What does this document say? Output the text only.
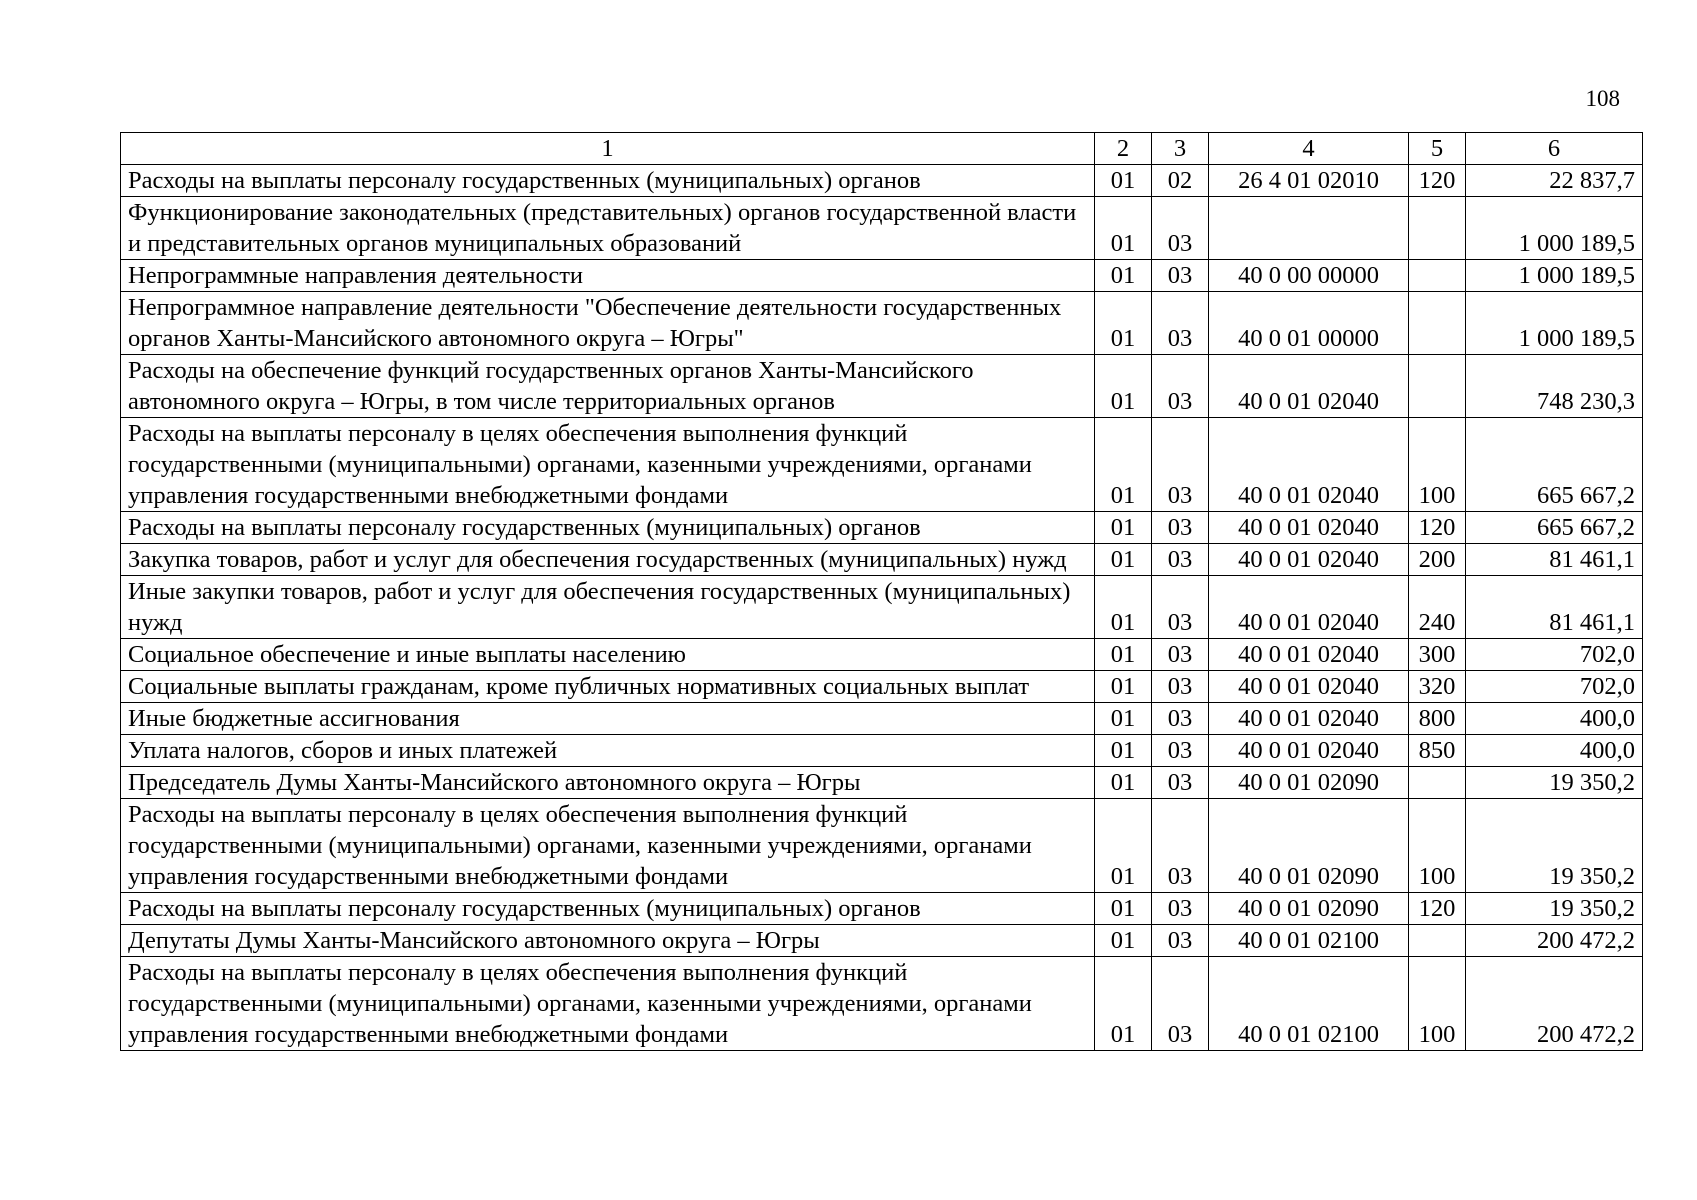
108
1	2	3	4	5	6
Расходы на выплаты персоналу государственных (муниципальных) органов	01	02	26 4 01 02010	120	22 837,7
Функционирование законодательных (представительных) органов государственной власти и представительных органов муниципальных образований	01	03			1 000 189,5
Непрограммные направления деятельности	01	03	40 0 00 00000		1 000 189,5
Непрограммное направление деятельности "Обеспечение деятельности государственных органов Ханты-Мансийского автономного округа – Югры"	01	03	40 0 01 00000		1 000 189,5
Расходы на обеспечение функций государственных органов Ханты-Мансийского автономного округа – Югры, в том числе территориальных органов	01	03	40 0 01 02040		748 230,3
Расходы на выплаты персоналу в целях обеспечения выполнения функций государственными (муниципальными) органами, казенными учреждениями, органами управления государственными внебюджетными фондами	01	03	40 0 01 02040	100	665 667,2
Расходы на выплаты персоналу государственных (муниципальных) органов	01	03	40 0 01 02040	120	665 667,2
Закупка товаров, работ и услуг для обеспечения государственных (муниципальных) нужд	01	03	40 0 01 02040	200	81 461,1
Иные закупки товаров, работ и услуг для обеспечения государственных (муниципальных) нужд	01	03	40 0 01 02040	240	81 461,1
Социальное обеспечение и иные выплаты населению	01	03	40 0 01 02040	300	702,0
Социальные выплаты гражданам, кроме публичных нормативных социальных выплат	01	03	40 0 01 02040	320	702,0
Иные бюджетные ассигнования	01	03	40 0 01 02040	800	400,0
Уплата налогов, сборов и иных платежей	01	03	40 0 01 02040	850	400,0
Председатель Думы Ханты-Мансийского автономного округа – Югры	01	03	40 0 01 02090		19 350,2
Расходы на выплаты персоналу в целях обеспечения выполнения функций государственными (муниципальными) органами, казенными учреждениями, органами управления государственными внебюджетными фондами	01	03	40 0 01 02090	100	19 350,2
Расходы на выплаты персоналу государственных (муниципальных) органов	01	03	40 0 01 02090	120	19 350,2
Депутаты Думы Ханты-Мансийского автономного округа – Югры	01	03	40 0 01 02100		200 472,2
Расходы на выплаты персоналу в целях обеспечения выполнения функций государственными (муниципальными) органами, казенными учреждениями, органами управления государственными внебюджетными фондами	01	03	40 0 01 02100	100	200 472,2
